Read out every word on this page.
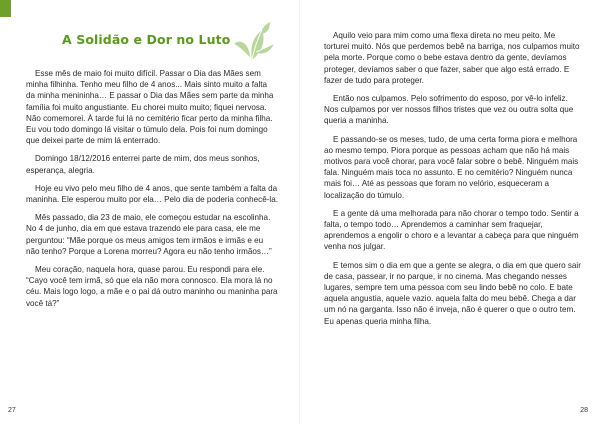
A Solidão e Dor no Luto

Esse mês de maio foi muito difícil. Passar o Dia das Mães sem minha filhinha. Tenho meu filho de 4 anos... Mais sinto muito a falta da minha menininha… E passar o Dia das Mães sem parte da minha família foi muito angustiante. Eu chorei muito muito; fiquei nervosa. Não comemorei. À tarde fui lá no cemitério ficar perto da minha filha. Eu vou todo domingo lá visitar o túmulo dela. Pois foi num domingo que deixei parte de mim lá enterrado.

Domingo 18/12/2016 enterrei parte de mim, dos meus sonhos, esperança, alegria.

Hoje eu vivo pelo meu filho de 4 anos, que sente também a falta da maninha. Ele esperou muito por ela… Pelo dia de poderia conhecê-la.

Mês passado, dia 23 de maio, ele começou estudar na escolinha. No 4 de junho, dia em que estava trazendo ele para casa, ele me perguntou: “Mãe porque os meus amigos tem irmãos e irmãs e eu não tenho? Porque a Lorena morreu? Agora eu não tenho irmãos…”

Meu coração, naquela hora, quase parou. Eu respondi para ele. “Cayo você tem irmã, só que ela não mora connosco. Ela mora lá no céu. Mais logo logo, a mãe e o pai dá outro maninho ou maninha para você tá?”

27

Aquilo veio para mim como uma flexa direta no meu peito. Me torturei muito. Nós que perdemos bebê na barriga, nos culpamos muito pela morte. Porque como o bebe estava dentro da gente, devíamos proteger, devíamos saber o que fazer, saber que algo está errado. E fazer de tudo para proteger.

Então nos culpamos. Pelo sofrimento do esposo, por vê-lo infeliz. Nos culpamos por ver nossos filhos tristes que vez ou outra solta que queria a maninha.

E passando-se os meses, tudo, de uma certa forma piora e melhora ao mesmo tempo. Piora porque as pessoas acham que não há mais motivos para você chorar, para você falar sobre o bebê. Ninguém mais fala. Ninguém mais toca no assunto. E no cemitério? Ninguém nunca mais foi… Até as pessoas que foram no velório, esqueceram a localização do túmulo.

E a gente dá uma melhorada para não chorar o tempo todo. Sentir a falta, o tempo todo… Aprendemos a caminhar sem fraquejar, aprendemos a engolir o choro e a levantar a cabeça para que ninguém venha nos julgar.

E temos sim o dia em que a gente se alegra, o dia em que quero sair de casa, passear, ir no parque, ir no cinema. Mas chegando nesses lugares, sempre tem uma pessoa com seu lindo bebê no colo. E bate aquela angustia, aquele vazio. aquela falta do meu bebê. Chega a dar um nó na garganta. Isso não é inveja, não é querer o que o outro tem. Eu apenas queria minha filha.

28
